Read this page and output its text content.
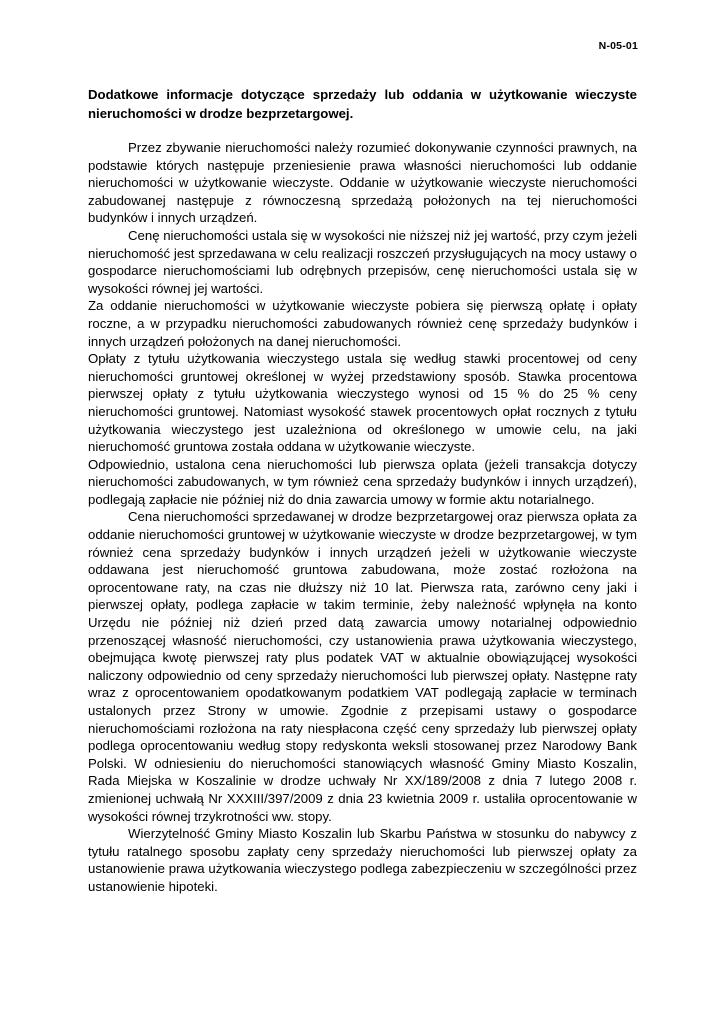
N-05-01

Dodatkowe informacje dotyczące sprzedaży lub oddania w użytkowanie wieczyste nieruchomości w drodze bezprzetargowej.

Przez zbywanie nieruchomości należy rozumieć dokonywanie czynności prawnych, na podstawie których następuje przeniesienie prawa własności nieruchomości lub oddanie nieruchomości w użytkowanie wieczyste. Oddanie w użytkowanie wieczyste nieruchomości zabudowanej następuje z równoczesną sprzedażą położonych na tej nieruchomości budynków i innych urządzeń.

Cenę nieruchomości ustala się w wysokości nie niższej niż jej wartość, przy czym jeżeli nieruchomość jest sprzedawana w celu realizacji roszczeń przysługujących na mocy ustawy o gospodarce nieruchomościami lub odrębnych przepisów, cenę nieruchomości ustala się w wysokości równej jej wartości.

Za oddanie nieruchomości w użytkowanie wieczyste pobiera się pierwszą opłatę i opłaty roczne, a w przypadku nieruchomości zabudowanych również cenę sprzedaży budynków i innych urządzeń położonych na danej nieruchomości.

Opłaty z tytułu użytkowania wieczystego ustala się według stawki procentowej od ceny nieruchomości gruntowej określonej w wyżej przedstawiony sposób. Stawka procentowa pierwszej opłaty z tytułu użytkowania wieczystego wynosi od 15 % do 25 % ceny nieruchomości gruntowej. Natomiast wysokość stawek procentowych opłat rocznych z tytułu użytkowania wieczystego jest uzależniona od określonego w umowie celu, na jaki nieruchomość gruntowa została oddana w użytkowanie wieczyste.

Odpowiednio, ustalona cena nieruchomości lub pierwsza oplata (jeżeli transakcja dotyczy nieruchomości zabudowanych, w tym również cena sprzedaży budynków i innych urządzeń), podlegają zapłacie nie później niż do dnia zawarcia umowy w formie aktu notarialnego.

Cena nieruchomości sprzedawanej w drodze bezprzetargowej oraz pierwsza opłata za oddanie nieruchomości gruntowej w użytkowanie wieczyste w drodze bezprzetargowej, w tym również cena sprzedaży budynków i innych urządzeń jeżeli w użytkowanie wieczyste oddawana jest nieruchomość gruntowa zabudowana, może zostać rozłożona na oprocentowane raty, na czas nie dłuższy niż 10 lat. Pierwsza rata, zarówno ceny jaki i pierwszej opłaty, podlega zapłacie w takim terminie, żeby należność wpłynęła na konto Urzędu nie później niż dzień przed datą zawarcia umowy notarialnej odpowiednio przenoszącej własność nieruchomości, czy ustanowienia prawa użytkowania wieczystego, obejmująca kwotę pierwszej raty plus podatek VAT w aktualnie obowiązującej wysokości naliczony odpowiednio od ceny sprzedaży nieruchomości lub pierwszej opłaty. Następne raty wraz z oprocentowaniem opodatkowanym podatkiem VAT podlegają zapłacie w terminach ustalonych przez Strony w umowie. Zgodnie z przepisami ustawy o gospodarce nieruchomościami rozłożona na raty niespłacona część ceny sprzedaży lub pierwszej opłaty podlega oprocentowaniu według stopy redyskonta weksli stosowanej przez Narodowy Bank Polski. W odniesieniu do nieruchomości stanowiących własność Gminy Miasto Koszalin, Rada Miejska w Koszalinie w drodze uchwały Nr XX/189/2008 z dnia 7 lutego 2008 r. zmienionej uchwałą Nr XXXIII/397/2009 z dnia 23 kwietnia 2009 r. ustaliła oprocentowanie w wysokości równej trzykrotności ww. stopy.

Wierzytelność Gminy Miasto Koszalin lub Skarbu Państwa w stosunku do nabywcy z tytułu ratalnego sposobu zapłaty ceny sprzedaży nieruchomości lub pierwszej opłaty za ustanowienie prawa użytkowania wieczystego podlega zabezpieczeniu w szczególności przez ustanowienie hipoteki.
